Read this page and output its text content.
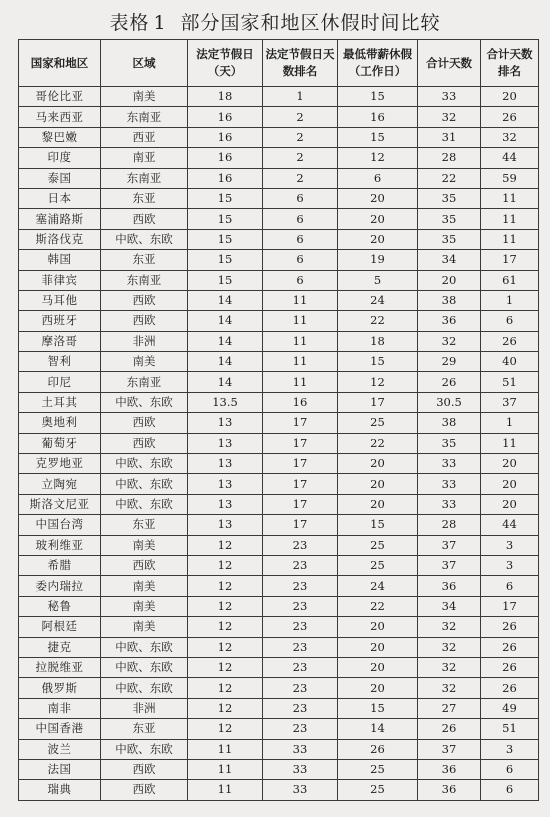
表格 1 部分国家和地区休假时间比较
国家和地区	区域	法定节假日（天）	法定节假日天数排名	最低带薪休假（工作日）	合计天数	合计天数排名
哥伦比亚	南美	18	1	15	33	20
马来西亚	东南亚	16	2	16	32	26
黎巴嫩	西亚	16	2	15	31	32
印度	南亚	16	2	12	28	44
泰国	东南亚	16	2	6	22	59
日本	东亚	15	6	20	35	11
塞浦路斯	西欧	15	6	20	35	11
斯洛伐克	中欧、东欧	15	6	20	35	11
韩国	东亚	15	6	19	34	17
菲律宾	东南亚	15	6	5	20	61
马耳他	西欧	14	11	24	38	1
西班牙	西欧	14	11	22	36	6
摩洛哥	非洲	14	11	18	32	26
智利	南美	14	11	15	29	40
印尼	东南亚	14	11	12	26	51
土耳其	中欧、东欧	13.5	16	17	30.5	37
奥地利	西欧	13	17	25	38	1
葡萄牙	西欧	13	17	22	35	11
克罗地亚	中欧、东欧	13	17	20	33	20
立陶宛	中欧、东欧	13	17	20	33	20
斯洛文尼亚	中欧、东欧	13	17	20	33	20
中国台湾	东亚	13	17	15	28	44
玻利维亚	南美	12	23	25	37	3
希腊	西欧	12	23	25	37	3
委内瑞拉	南美	12	23	24	36	6
秘鲁	南美	12	23	22	34	17
阿根廷	南美	12	23	20	32	26
捷克	中欧、东欧	12	23	20	32	26
拉脱维亚	中欧、东欧	12	23	20	32	26
俄罗斯	中欧、东欧	12	23	20	32	26
南非	非洲	12	23	15	27	49
中国香港	东亚	12	23	14	26	51
波兰	中欧、东欧	11	33	26	37	3
法国	西欧	11	33	25	36	6
瑞典	西欧	11	33	25	36	6
